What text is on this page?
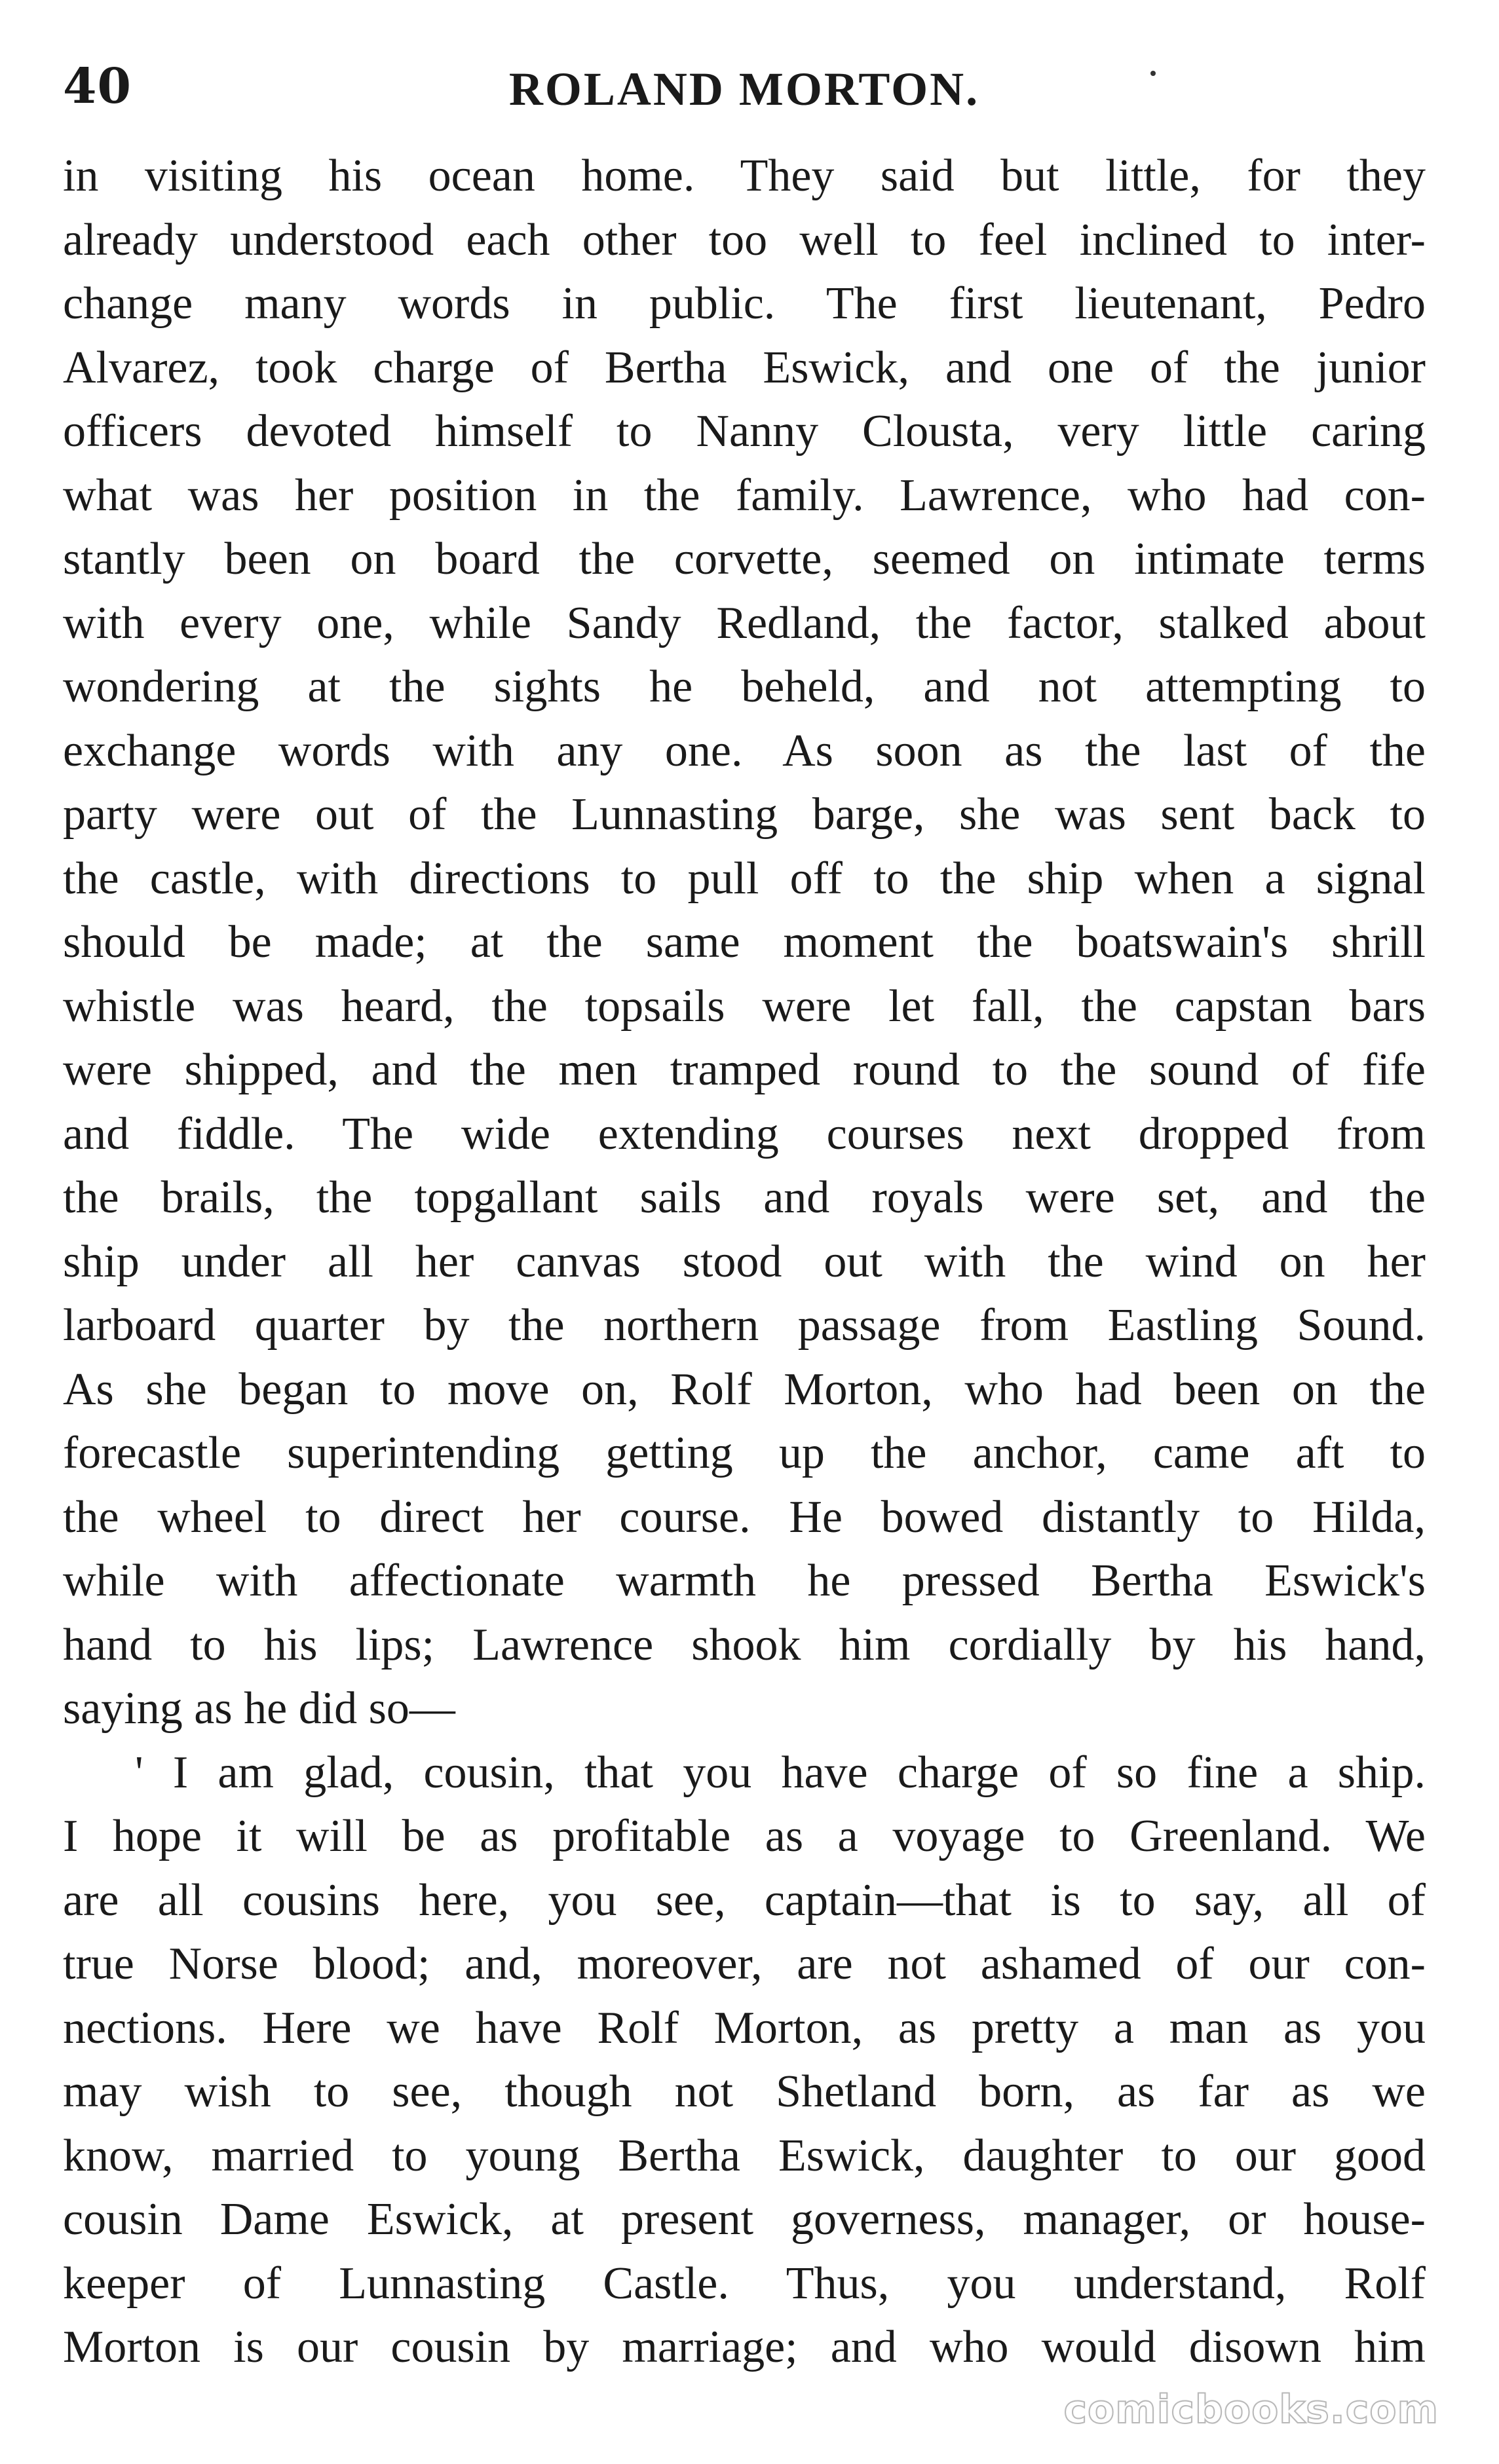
40	ROLAND MORTON.
in visiting his ocean home. They said but little, for they
already understood each other too well to feel inclined to inter-
change many words in public. The first lieutenant, Pedro
Alvarez, took charge of Bertha Eswick, and one of the junior
officers devoted himself to Nanny Clousta, very little caring
what was her position in the family. Lawrence, who had con-
stantly been on board the corvette, seemed on intimate terms
with every one, while Sandy Redland, the factor, stalked about
wondering at the sights he beheld, and not attempting to
exchange words with any one. As soon as the last of the
party were out of the Lunnasting barge, she was sent back to
the castle, with directions to pull off to the ship when a signal
should be made; at the same moment the boatswain's shrill
whistle was heard, the topsails were let fall, the capstan bars
were shipped, and the men tramped round to the sound of fife
and fiddle. The wide extending courses next dropped from
the brails, the topgallant sails and royals were set, and the
ship under all her canvas stood out with the wind on her
larboard quarter by the northern passage from Eastling Sound.
As she began to move on, Rolf Morton, who had been on the
forecastle superintending getting up the anchor, came aft to
the wheel to direct her course. He bowed distantly to Hilda,
while with affectionate warmth he pressed Bertha Eswick's
hand to his lips; Lawrence shook him cordially by his hand,
saying as he did so—
' I am glad, cousin, that you have charge of so fine a ship.
I hope it will be as profitable as a voyage to Greenland. We
are all cousins here, you see, captain—that is to say, all of
true Norse blood; and, moreover, are not ashamed of our con-
nections. Here we have Rolf Morton, as pretty a man as you
may wish to see, though not Shetland born, as far as we
know, married to young Bertha Eswick, daughter to our good
cousin Dame Eswick, at present governess, manager, or house-
keeper of Lunnasting Castle. Thus, you understand, Rolf
Morton is our cousin by marriage; and who would disown him
comicbooks.com
